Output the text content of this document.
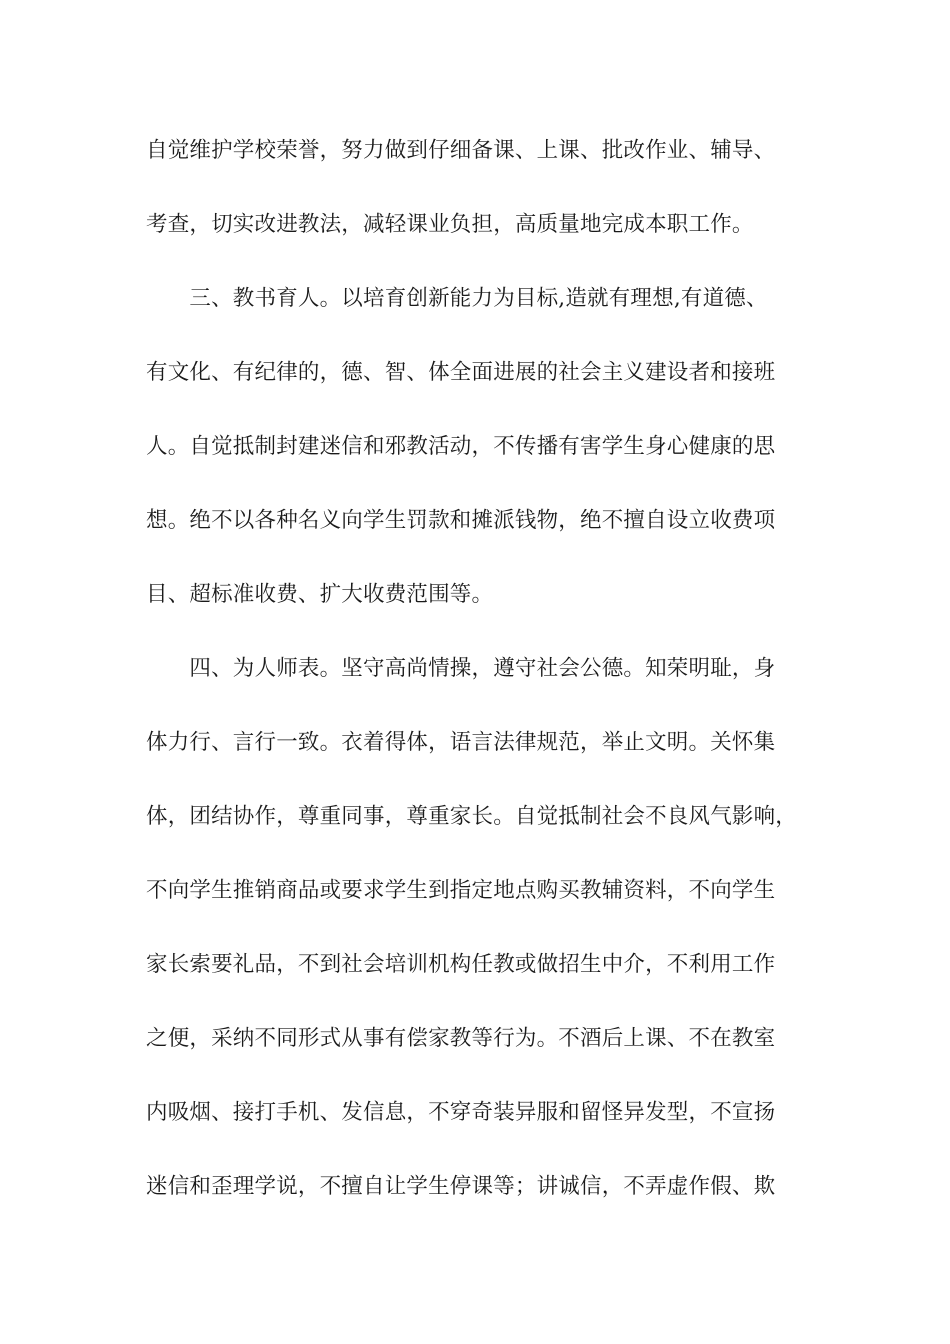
自觉维护学校荣誉，努力做到仔细备课、上课、批改作业、辅导、
考查，切实改进教法，减轻课业负担，高质量地完成本职工作。
　　三、教书育人。以培育创新能力为目标,造就有理想,有道德、
有文化、有纪律的，德、智、体全面进展的社会主义建设者和接班
人。自觉抵制封建迷信和邪教活动，不传播有害学生身心健康的思
想。绝不以各种名义向学生罚款和摊派钱物，绝不擅自设立收费项
目、超标准收费、扩大收费范围等。
　　四、为人师表。坚守高尚情操，遵守社会公德。知荣明耻，身
体力行、言行一致。衣着得体，语言法律规范，举止文明。关怀集
体，团结协作，尊重同事，尊重家长。自觉抵制社会不良风气影响，
不向学生推销商品或要求学生到指定地点购买教辅资料，不向学生
家长索要礼品，不到社会培训机构任教或做招生中介，不利用工作
之便，采纳不同形式从事有偿家教等行为。不酒后上课、不在教室
内吸烟、接打手机、发信息，不穿奇装异服和留怪异发型，不宣扬
迷信和歪理学说，不擅自让学生停课等；讲诚信，不弄虚作假、欺
